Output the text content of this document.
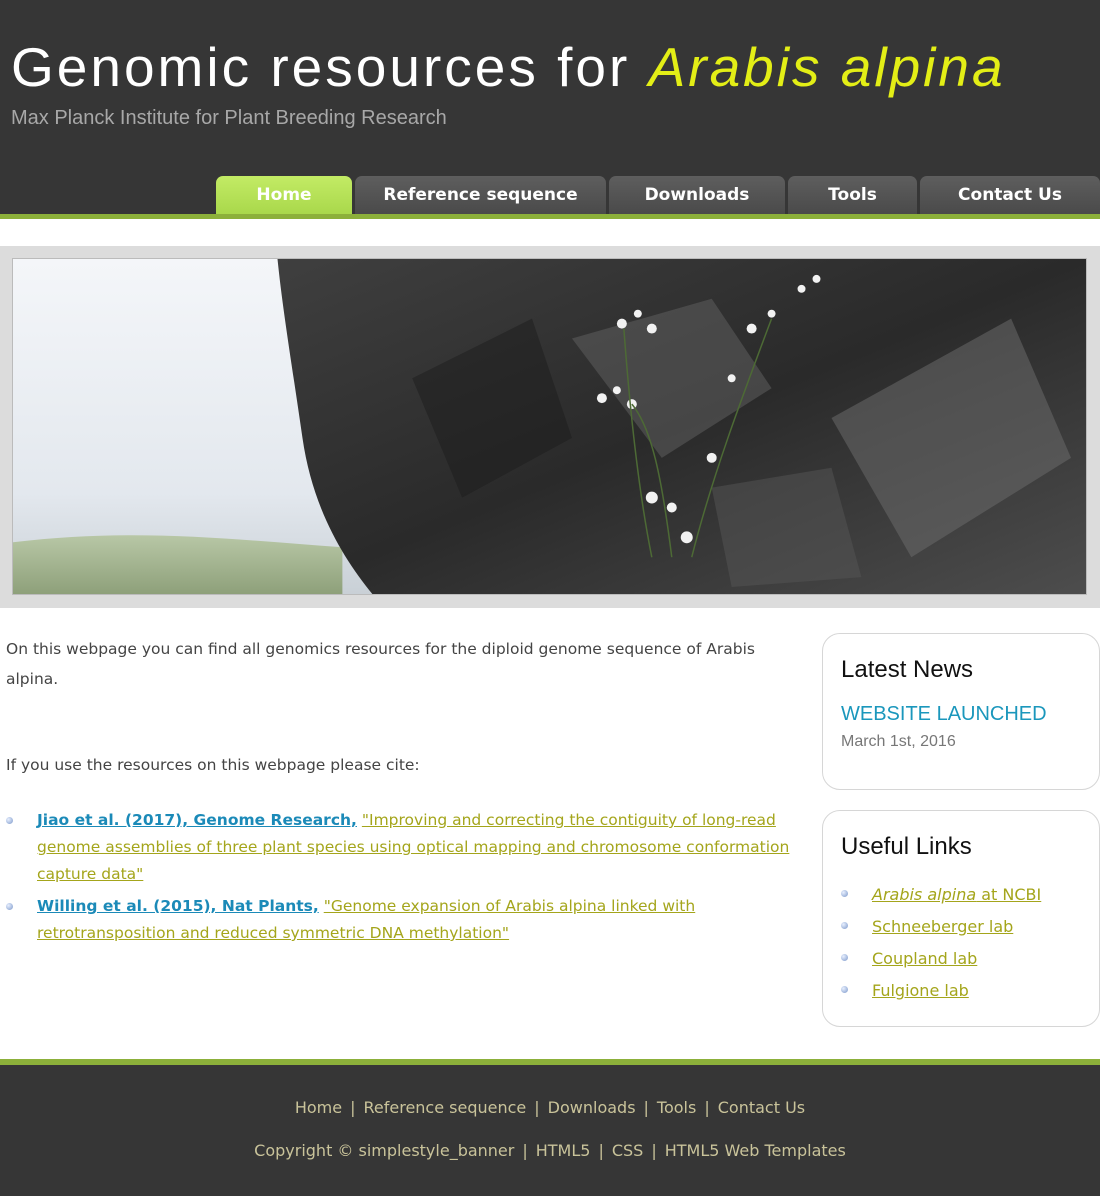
Genomic resources for Arabis alpina
Max Planck Institute for Plant Breeding Research
Home	Reference sequence	Downloads	Tools	Contact Us

On this webpage you can find all genomics resources for the diploid genome sequence of Arabis alpina.

If you use the resources on this webpage please cite:

Jiao et al. (2017), Genome Research, "Improving and correcting the contiguity of long-read genome assemblies of three plant species using optical mapping and chromosome conformation capture data"
Willing et al. (2015), Nat Plants, "Genome expansion of Arabis alpina linked with retrotransposition and reduced symmetric DNA methylation"
Latest News
WEBSITE LAUNCHED
March 1st, 2016
Useful Links
Arabis alpina at NCBI
Schneeberger lab
Coupland lab
Fulgione lab
Home | Reference sequence | Downloads | Tools | Contact Us
Copyright © simplestyle_banner | HTML5 | CSS | HTML5 Web Templates
